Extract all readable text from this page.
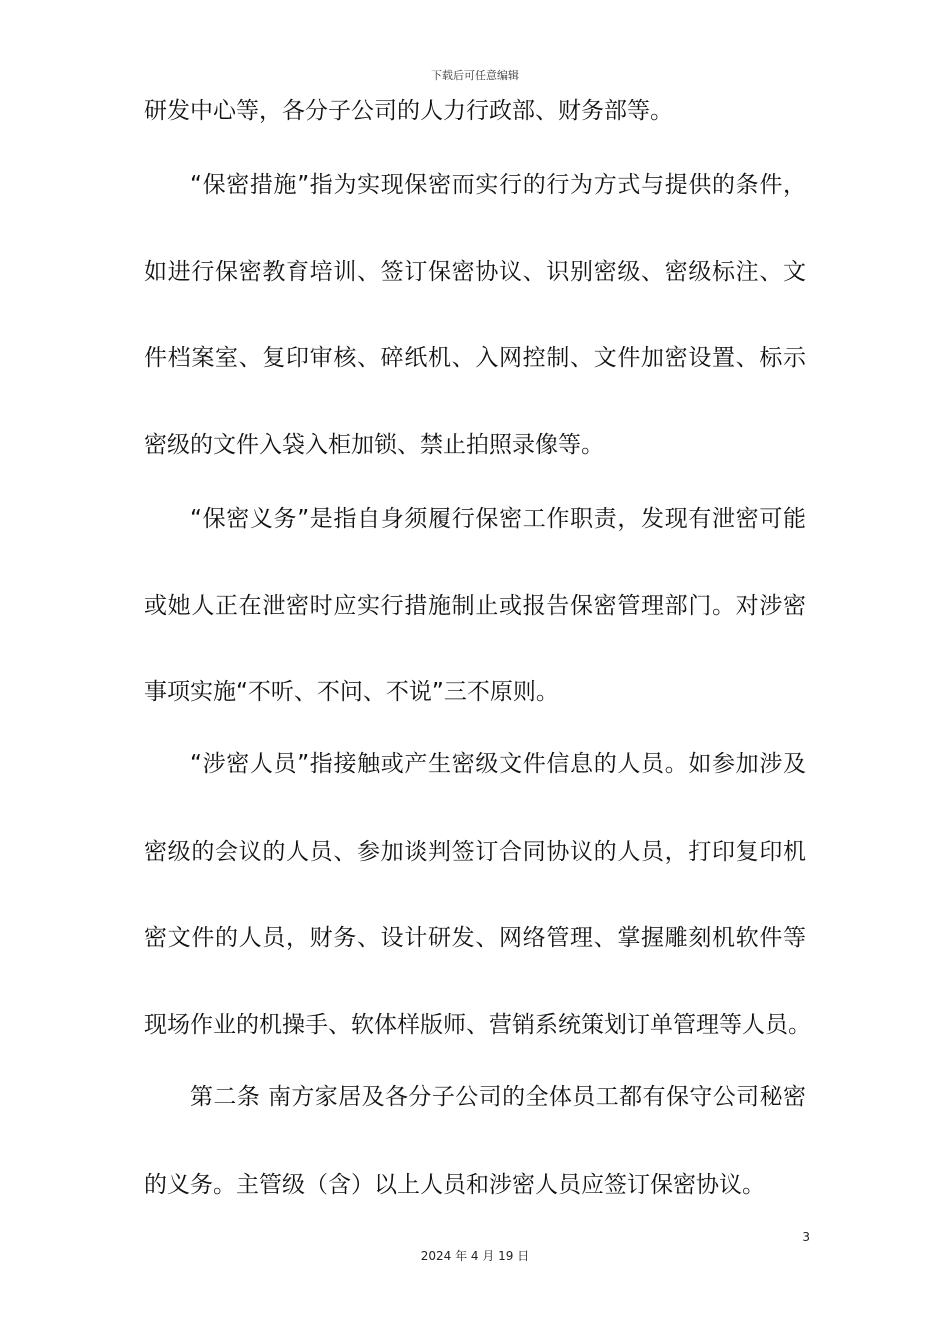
下载后可任意编辑
研发中心等，各分子公司的人力行政部、财务部等。
“保密措施”指为实现保密而实行的行为方式与提供的条件，
如进行保密教育培训、签订保密协议、识别密级、密级标注、文
件档案室、复印审核、碎纸机、入网控制、文件加密设置、标示
密级的文件入袋入柜加锁、禁止拍照录像等。
“保密义务”是指自身须履行保密工作职责，发现有泄密可能
或她人正在泄密时应实行措施制止或报告保密管理部门。对涉密
事项实施“不听、不问、不说”三不原则。
“涉密人员”指接触或产生密级文件信息的人员。如参加涉及
密级的会议的人员、参加谈判签订合同协议的人员，打印复印机
密文件的人员，财务、设计研发、网络管理、掌握雕刻机软件等
现场作业的机操手、软体样版师、营销系统策划订单管理等人员。
第二条 南方家居及各分子公司的全体员工都有保守公司秘密
的义务。主管级（含）以上人员和涉密人员应签订保密协议。
3
2024 年 4 月 19 日
